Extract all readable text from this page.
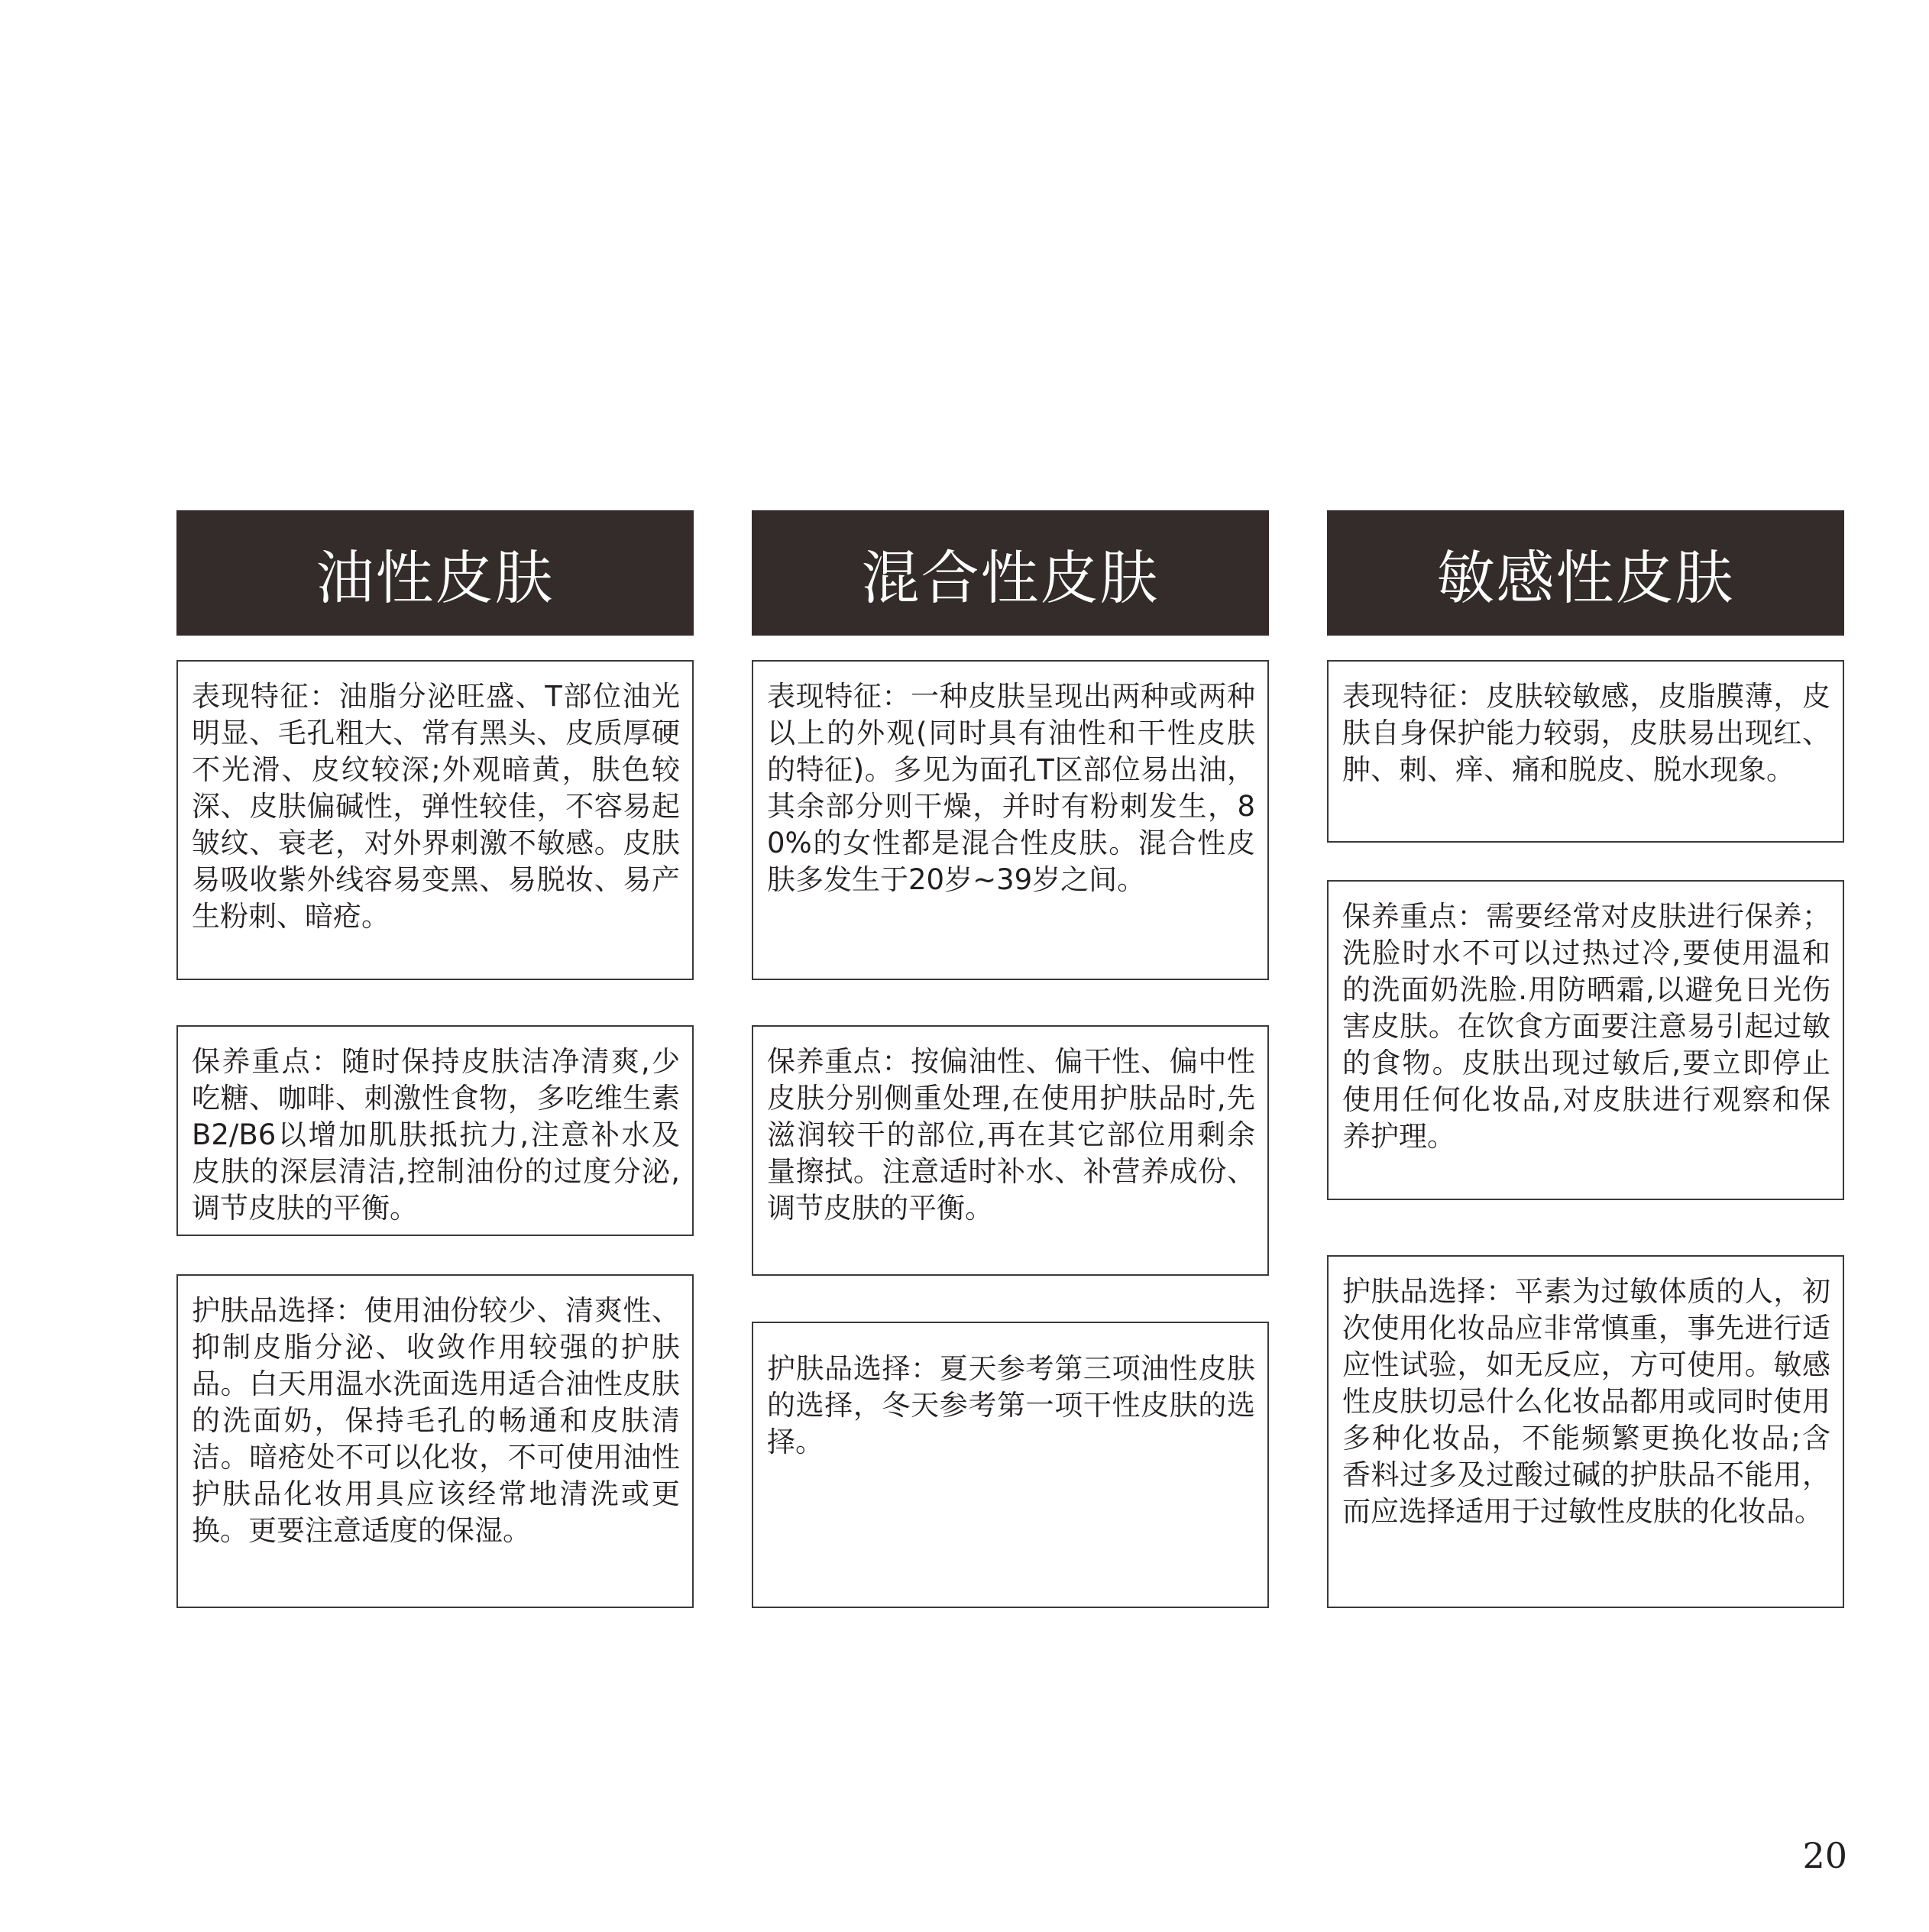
油性皮肤
表现特征：油脂分泌旺盛、T部位油光明显、毛孔粗大、常有黑头、皮质厚硬不光滑、皮纹较深;外观暗黄，肤色较深、皮肤偏碱性，弹性较佳，不容易起皱纹、衰老，对外界刺激不敏感。皮肤易吸收紫外线容易变黑、易脱妆、易产生粉刺、暗疮。
保养重点：随时保持皮肤洁净清爽,少吃糖、咖啡、刺激性食物，多吃维生素B2/B6以增加肌肤抵抗力,注意补水及皮肤的深层清洁,控制油份的过度分泌,调节皮肤的平衡。
护肤品选择：使用油份较少、清爽性、抑制皮脂分泌、收敛作用较强的护肤品。白天用温水洗面选用适合油性皮肤的洗面奶，保持毛孔的畅通和皮肤清洁。暗疮处不可以化妆，不可使用油性护肤品化妆用具应该经常地清洗或更换。更要注意适度的保湿。
混合性皮肤
表现特征：一种皮肤呈现出两种或两种以上的外观(同时具有油性和干性皮肤的特征)。多见为面孔T区部位易出油，其余部分则干燥，并时有粉刺发生，80%的女性都是混合性皮肤。混合性皮肤多发生于20岁~39岁之间。
保养重点：按偏油性、偏干性、偏中性皮肤分别侧重处理,在使用护肤品时,先滋润较干的部位,再在其它部位用剩余量擦拭。注意适时补水、补营养成份、调节皮肤的平衡。
护肤品选择：夏天参考第三项油性皮肤的选择，冬天参考第一项干性皮肤的选择。
敏感性皮肤
表现特征：皮肤较敏感，皮脂膜薄，皮肤自身保护能力较弱，皮肤易出现红、肿、刺、痒、痛和脱皮、脱水现象。
保养重点：需要经常对皮肤进行保养；洗脸时水不可以过热过冷,要使用温和的洗面奶洗脸.用防晒霜,以避免日光伤害皮肤。在饮食方面要注意易引起过敏的食物。皮肤出现过敏后,要立即停止使用任何化妆品,对皮肤进行观察和保养护理。
护肤品选择：平素为过敏体质的人，初次使用化妆品应非常慎重，事先进行适应性试验，如无反应，方可使用。敏感性皮肤切忌什么化妆品都用或同时使用多种化妆品，不能频繁更换化妆品;含香料过多及过酸过碱的护肤品不能用，而应选择适用于过敏性皮肤的化妆品。
20
